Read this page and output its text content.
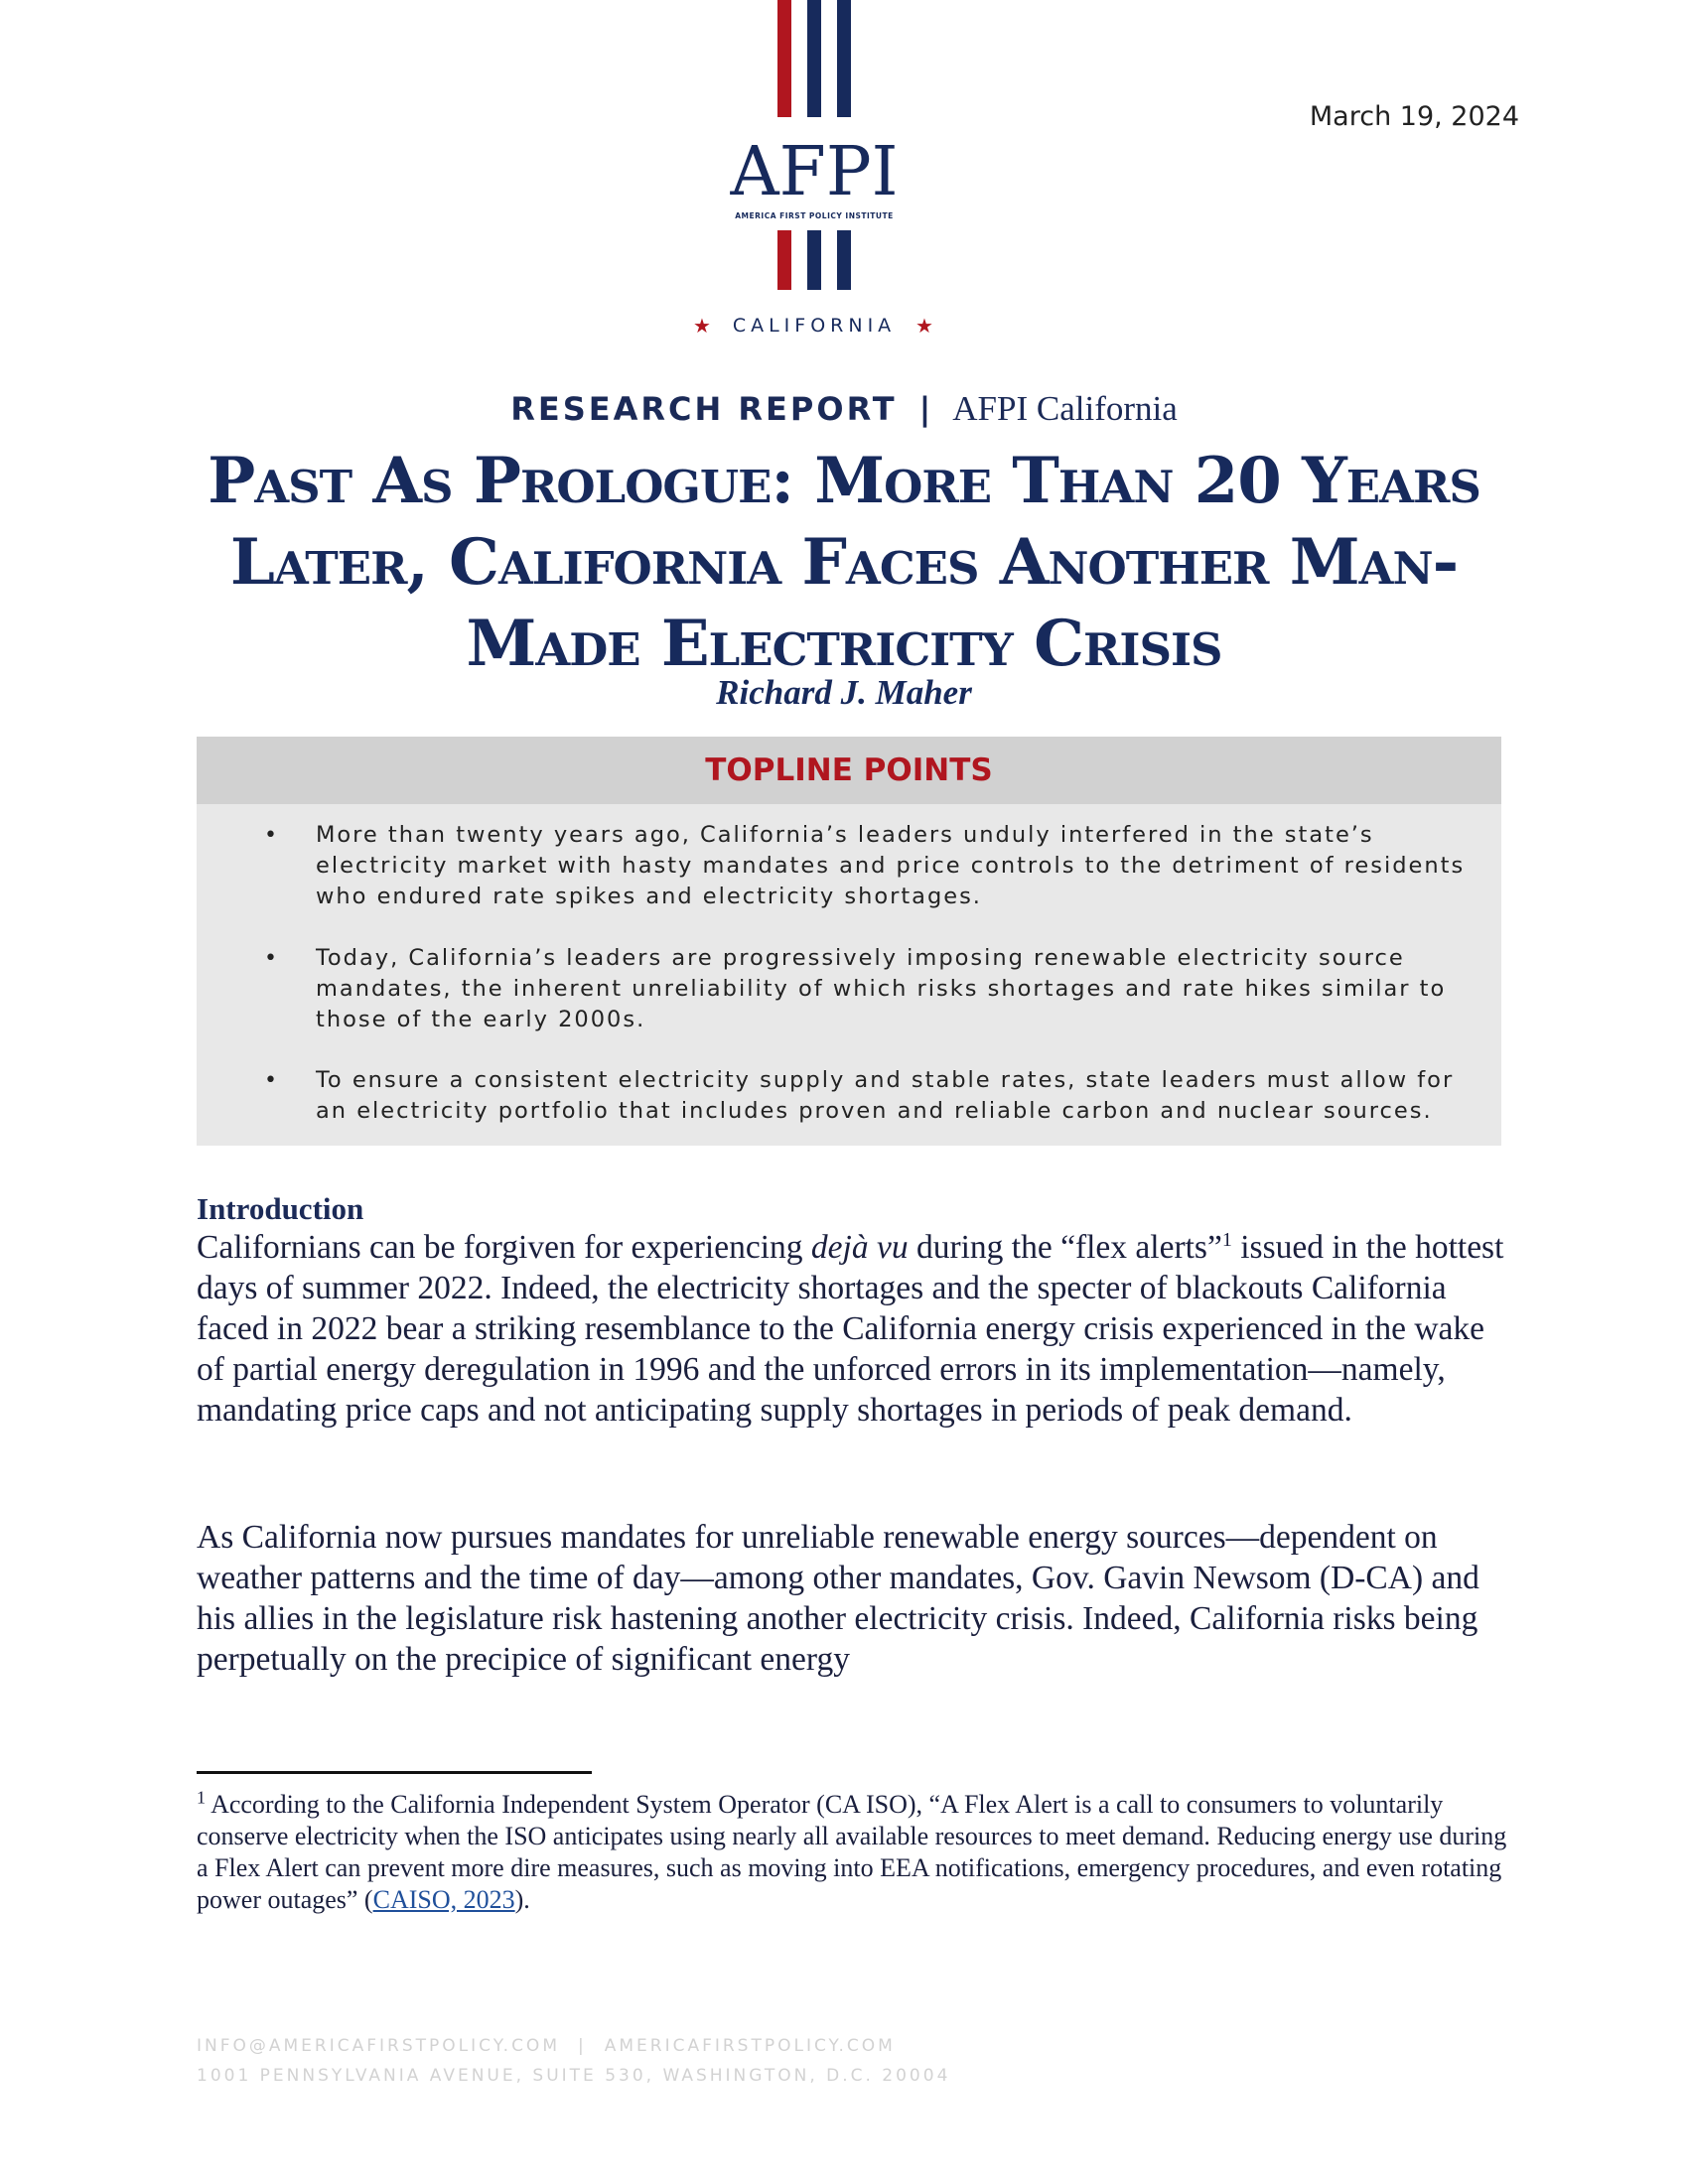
AFPI
AMERICA FIRST POLICY INSTITUTE
★ CALIFORNIA ★
March 19, 2024
RESEARCH REPORT | AFPI California
Past As Prologue: More Than 20 Years Later, California Faces Another Man-Made Electricity Crisis
Richard J. Maher
TOPLINE POINTS
• More than twenty years ago, California’s leaders unduly interfered in the state’s electricity market with hasty mandates and price controls to the detriment of residents who endured rate spikes and electricity shortages.
• Today, California’s leaders are progressively imposing renewable electricity source mandates, the inherent unreliability of which risks shortages and rate hikes similar to those of the early 2000s.
• To ensure a consistent electricity supply and stable rates, state leaders must allow for an electricity portfolio that includes proven and reliable carbon and nuclear sources.
Introduction

Californians can be forgiven for experiencing dejà vu during the “flex alerts”$^1$ issued in the hottest days of summer 2022. Indeed, the electricity shortages and the specter of blackouts California faced in 2022 bear a striking resemblance to the California energy crisis experienced in the wake of partial energy deregulation in 1996 and the unforced errors in its implementation—namely, mandating price caps and not anticipating supply shortages in periods of peak demand.

As California now pursues mandates for unreliable renewable energy sources—dependent on weather patterns and the time of day—among other mandates, Gov. Gavin Newsom (D-CA) and his allies in the legislature risk hastening another electricity crisis. Indeed, California risks being perpetually on the precipice of significant energy

$^1$ According to the California Independent System Operator (CA ISO), “A Flex Alert is a call to consumers to voluntarily conserve electricity when the ISO anticipates using nearly all available resources to meet demand. Reducing energy use during a Flex Alert can prevent more dire measures, such as moving into EEA notifications, emergency procedures, and even rotating power outages” (CAISO, 2023).

INFO@AMERICAFIRSTPOLICY.COM | AMERICAFIRSTPOLICY.COM
1001 PENNSYLVANIA AVENUE, SUITE 530, WASHINGTON, D.C. 20004
